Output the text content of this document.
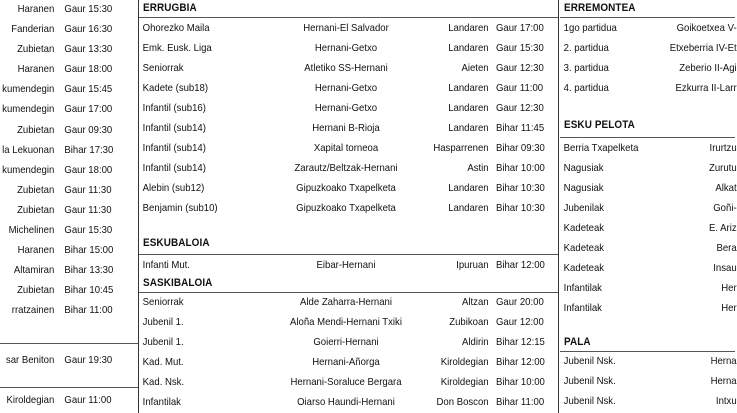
Haranen Gaur 15:30
Fanderian Gaur 16:30
Zubietan Gaur 13:30
Haranen Gaur 18:00
kumendegin Gaur 15:45
kumendegin Gaur 17:00
Zubietan Gaur 09:30
la Lekuonan Bihar 17:30
kumendegin Gaur 18:00
Zubietan Gaur 11:30
Zubietan Gaur 11:30
Michelinen Gaur 15:30
Haranen Bihar 15:00
Altamiran Bihar 13:30
Zubietan Bihar 10:45
rratzainen Bihar 11:00
sar Beniton Gaur 19:30
Kiroldegian Gaur 11:00
ERRUGBIA
Ohorezko Maila	Hernani-El Salvador	Landaren Gaur 17:00
Emk. Eusk. Liga	Hernani-Getxo	Landaren Gaur 15:30
Seniorrak	Atletiko SS-Hernani	Aieten Gaur 12:30
Kadete (sub18)	Hernani-Getxo	Landaren Gaur 11:00
Infantil (sub16)	Hernani-Getxo	Landaren Gaur 12:30
Infantil (sub14)	Hernani B-Rioja	Landaren Bihar 11:45
Infantil (sub14)	Xapital torneoa	Hasparrenen Bihar 09:30
Infantil (sub14)	Zarautz/Beltzak-Hernani	Astin Bihar 10:00
Alebin (sub12)	Gipuzkoako Txapelketa	Landaren Bihar 10:30
Benjamin (sub10)	Gipuzkoako Txapelketa	Landaren Bihar 10:30
ESKUBALOIA
Infanti Mut.	Eibar-Hernani	Ipuruan Bihar 12:00
SASKIBALOIA
Seniorrak	Alde Zaharra-Hernani	Altzan Gaur 20:00
Jubenil 1.	Aloña Mendi-Hernani Txiki	Zubikoan Gaur 12:00
Jubenil 1.	Goierri-Hernani	Aldirin Bihar 12:15
Kad. Mut.	Hernani-Añorga	Kiroldegian Bihar 12:00
Kad. Nsk.	Hernani-Soraluce Bergara	Kiroldegian Bihar 10:00
Infantilak	Oiarso Haundi-Hernani	Don Boscon Bihar 11:00
ERREMONTEA
1go partidua	Goikoetxea V-
2. partidua	Etxeberria IV-Et
3. partidua	Zeberio II-Agi
4. partidua	Ezkurra II-Larr
ESKU PELOTA
Berria Txapelketa	Irurtzu
Nagusiak	Zurutu
Nagusiak	Alkat
Jubenilak	Goñi-
Kadeteak	E. Ariz
Kadeteak	Bera
Kadeteak	Insau
Infantilak	Her
Infantilak	Her
PALA
Jubenil Nsk.	Herna
Jubenil Nsk.	Herna
Jubenil Nsk.	Intxu
